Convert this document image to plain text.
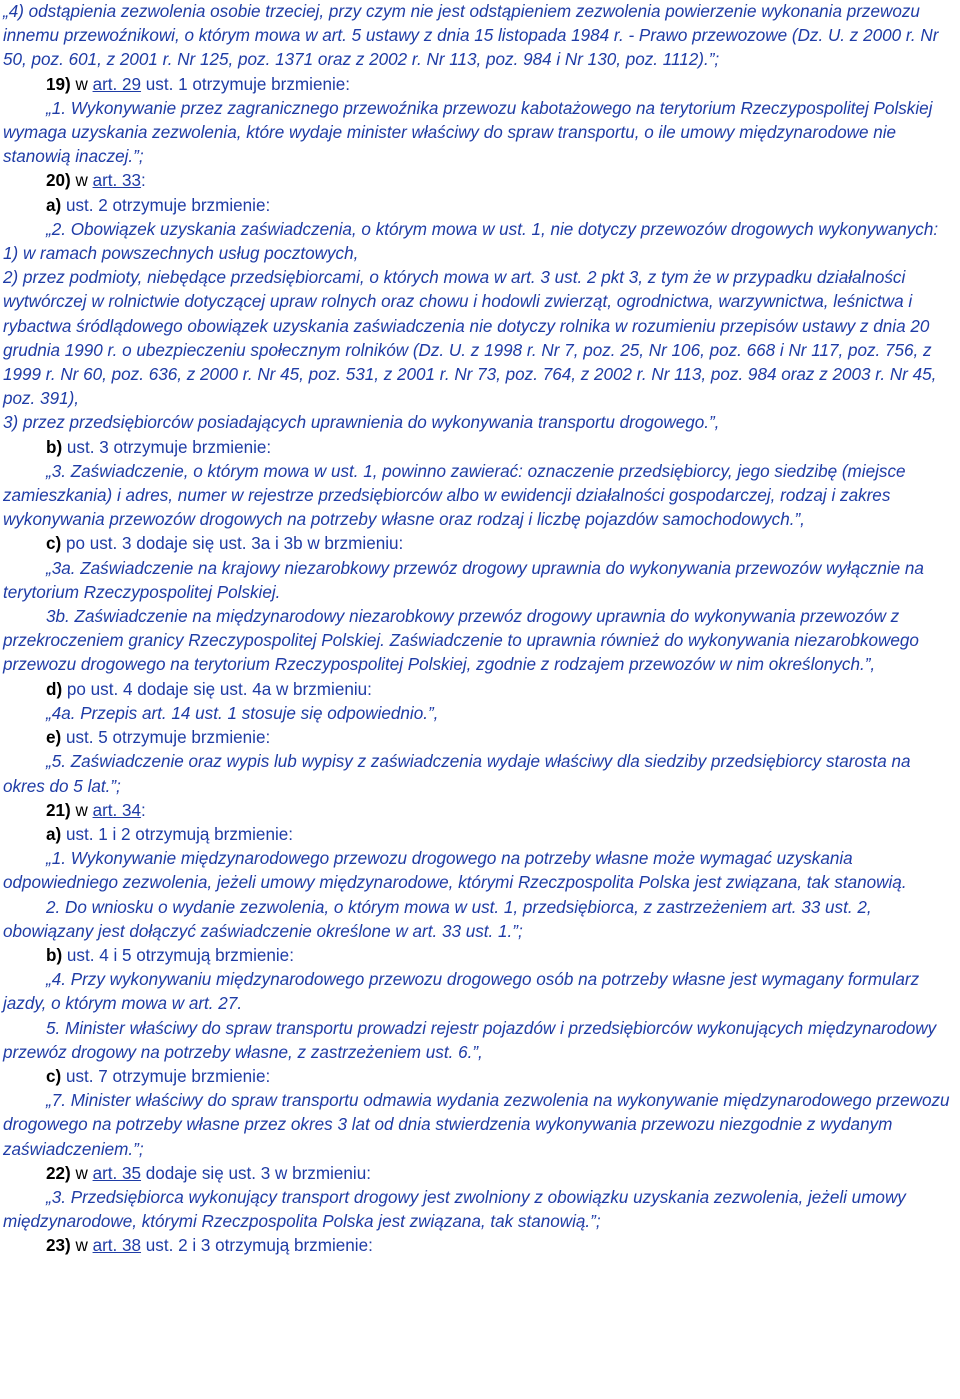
„4) odstąpienia zezwolenia osobie trzeciej, przy czym nie jest odstąpieniem zezwolenia powierzenie wykonania przewozu innemu przewoźnikowi, o którym mowa w art. 5 ustawy z dnia 15 listopada 1984 r. - Prawo przewozowe (Dz. U. z 2000 r. Nr 50, poz. 601, z 2001 r. Nr 125, poz. 1371 oraz z 2002 r. Nr 113, poz. 984 i Nr 130, poz. 1112).”;

19) w art. 29 ust. 1 otrzymuje brzmienie:

„1. Wykonywanie przez zagranicznego przewoźnika przewozu kabotażowego na terytorium Rzeczypospolitej Polskiej wymaga uzyskania zezwolenia, które wydaje minister właściwy do spraw transportu, o ile umowy międzynarodowe nie stanowią inaczej.”;

20) w art. 33:

a) ust. 2 otrzymuje brzmienie:

„2. Obowiązek uzyskania zaświadczenia, o którym mowa w ust. 1, nie dotyczy przewozów drogowych wykonywanych:

1) w ramach powszechnych usług pocztowych,

2) przez podmioty, niebędące przedsiębiorcami, o których mowa w art. 3 ust. 2 pkt 3, z tym że w przypadku działalności wytwórczej w rolnictwie dotyczącej upraw rolnych oraz chowu i hodowli zwierząt, ogrodnictwa, warzywnictwa, leśnictwa i rybactwa śródlądowego obowiązek uzyskania zaświadczenia nie dotyczy rolnika w rozumieniu przepisów ustawy z dnia 20 grudnia 1990 r. o ubezpieczeniu społecznym rolników (Dz. U. z 1998 r. Nr 7, poz. 25, Nr 106, poz. 668 i Nr 117, poz. 756, z 1999 r. Nr 60, poz. 636, z 2000 r. Nr 45, poz. 531, z 2001 r. Nr 73, poz. 764, z 2002 r. Nr 113, poz. 984 oraz z 2003 r. Nr 45, poz. 391),

3) przez przedsiębiorców posiadających uprawnienia do wykonywania transportu drogowego.”,

b) ust. 3 otrzymuje brzmienie:

„3. Zaświadczenie, o którym mowa w ust. 1, powinno zawierać: oznaczenie przedsiębiorcy, jego siedzibę (miejsce zamieszkania) i adres, numer w rejestrze przedsiębiorców albo w ewidencji działalności gospodarczej, rodzaj i zakres wykonywania przewozów drogowych na potrzeby własne oraz rodzaj i liczbę pojazdów samochodowych.”,

c) po ust. 3 dodaje się ust. 3a i 3b w brzmieniu:

„3a. Zaświadczenie na krajowy niezarobkowy przewóz drogowy uprawnia do wykonywania przewozów wyłącznie na terytorium Rzeczypospolitej Polskiej.

3b. Zaświadczenie na międzynarodowy niezarobkowy przewóz drogowy uprawnia do wykonywania przewozów z przekroczeniem granicy Rzeczypospolitej Polskiej. Zaświadczenie to uprawnia również do wykonywania niezarobkowego przewozu drogowego na terytorium Rzeczypospolitej Polskiej, zgodnie z rodzajem przewozów w nim określonych.”,

d) po ust. 4 dodaje się ust. 4a w brzmieniu:

„4a. Przepis art. 14 ust. 1 stosuje się odpowiednio.”,

e) ust. 5 otrzymuje brzmienie:

„5. Zaświadczenie oraz wypis lub wypisy z zaświadczenia wydaje właściwy dla siedziby przedsiębiorcy starosta na okres do 5 lat.”;

21) w art. 34:

a) ust. 1 i 2 otrzymują brzmienie:

„1. Wykonywanie międzynarodowego przewozu drogowego na potrzeby własne może wymagać uzyskania odpowiedniego zezwolenia, jeżeli umowy międzynarodowe, którymi Rzeczpospolita Polska jest związana, tak stanowią.

2. Do wniosku o wydanie zezwolenia, o którym mowa w ust. 1, przedsiębiorca, z zastrzeżeniem art. 33 ust. 2, obowiązany jest dołączyć zaświadczenie określone w art. 33 ust. 1.”;

b) ust. 4 i 5 otrzymują brzmienie:

„4. Przy wykonywaniu międzynarodowego przewozu drogowego osób na potrzeby własne jest wymagany formularz jazdy, o którym mowa w art. 27.

5. Minister właściwy do spraw transportu prowadzi rejestr pojazdów i przedsiębiorców wykonujących międzynarodowy przewóz drogowy na potrzeby własne, z zastrzeżeniem ust. 6.”,

c) ust. 7 otrzymuje brzmienie:

„7. Minister właściwy do spraw transportu odmawia wydania zezwolenia na wykonywanie międzynarodowego przewozu drogowego na potrzeby własne przez okres 3 lat od dnia stwierdzenia wykonywania przewozu niezgodnie z wydanym zaświadczeniem.”;

22) w art. 35 dodaje się ust. 3 w brzmieniu:

„3. Przedsiębiorca wykonujący transport drogowy jest zwolniony z obowiązku uzyskania zezwolenia, jeżeli umowy międzynarodowe, którymi Rzeczpospolita Polska jest związana, tak stanowią.”;

23) w art. 38 ust. 2 i 3 otrzymują brzmienie:
